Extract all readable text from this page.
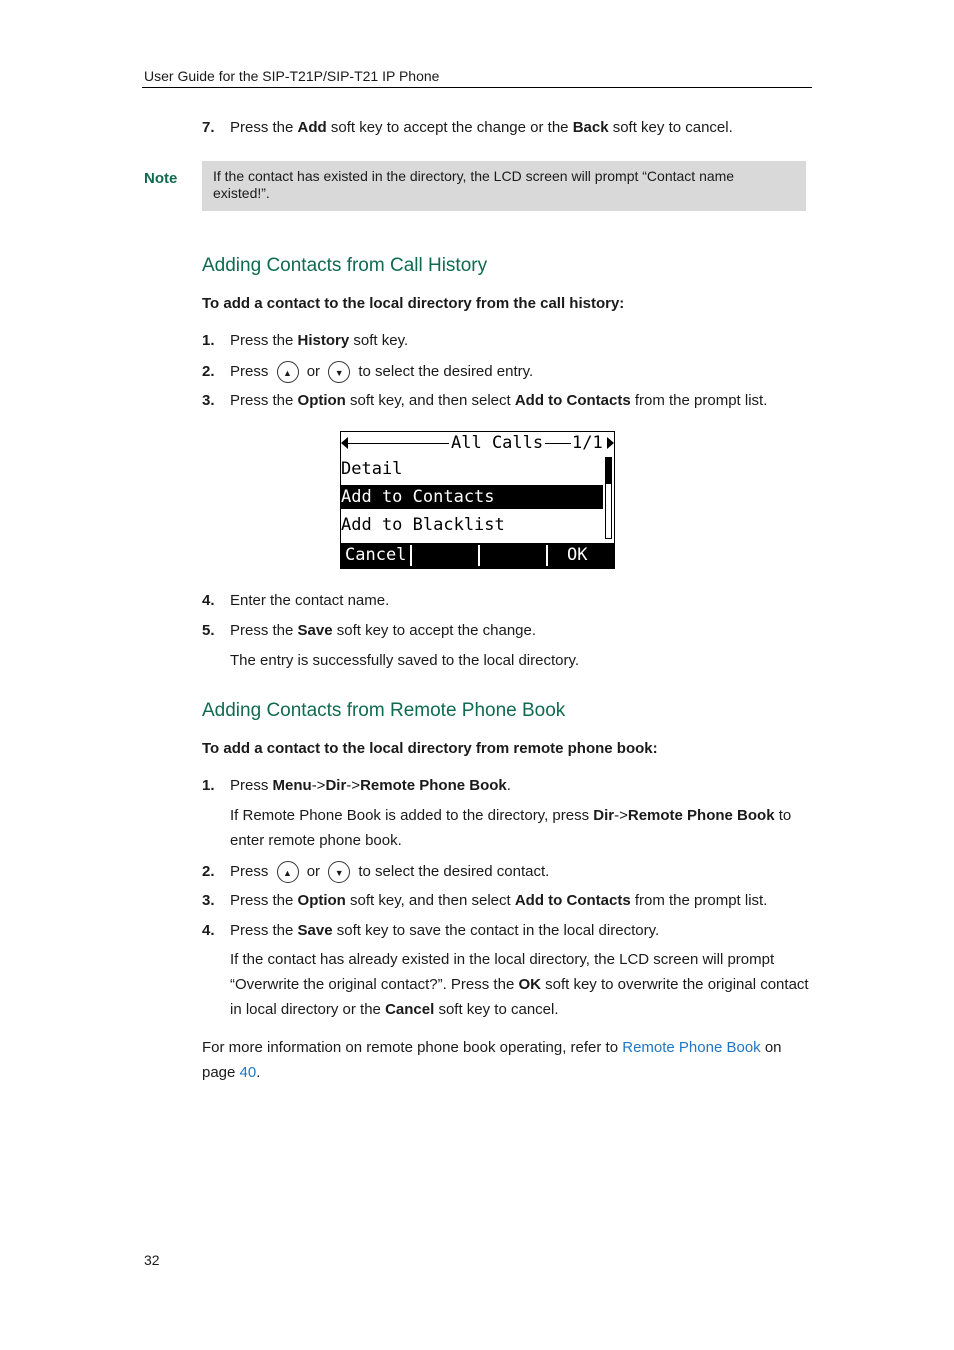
User Guide for the SIP-T21P/SIP-T21 IP Phone
7. Press the Add soft key to accept the change or the Back soft key to cancel.
Note	If the contact has existed in the directory, the LCD screen will prompt “Contact name existed!”.
Adding Contacts from Call History
To add a contact to the local directory from the call history:
1. Press the History soft key.
2. Press ▲ or ▼ to select the desired entry.
3. Press the Option soft key, and then select Add to Contacts from the prompt list.
All Calls 1/1
Detail
Add to Contacts
Add to Blacklist
Cancel	OK
4. Enter the contact name.
5. Press the Save soft key to accept the change.
The entry is successfully saved to the local directory.
Adding Contacts from Remote Phone Book
To add a contact to the local directory from remote phone book:
1. Press Menu->Dir->Remote Phone Book.
If Remote Phone Book is added to the directory, press Dir->Remote Phone Book to enter remote phone book.
2. Press ▲ or ▼ to select the desired contact.
3. Press the Option soft key, and then select Add to Contacts from the prompt list.
4. Press the Save soft key to save the contact in the local directory.
If the contact has already existed in the local directory, the LCD screen will prompt “Overwrite the original contact?”. Press the OK soft key to overwrite the original contact in local directory or the Cancel soft key to cancel.
For more information on remote phone book operating, refer to Remote Phone Book on page 40.
32
